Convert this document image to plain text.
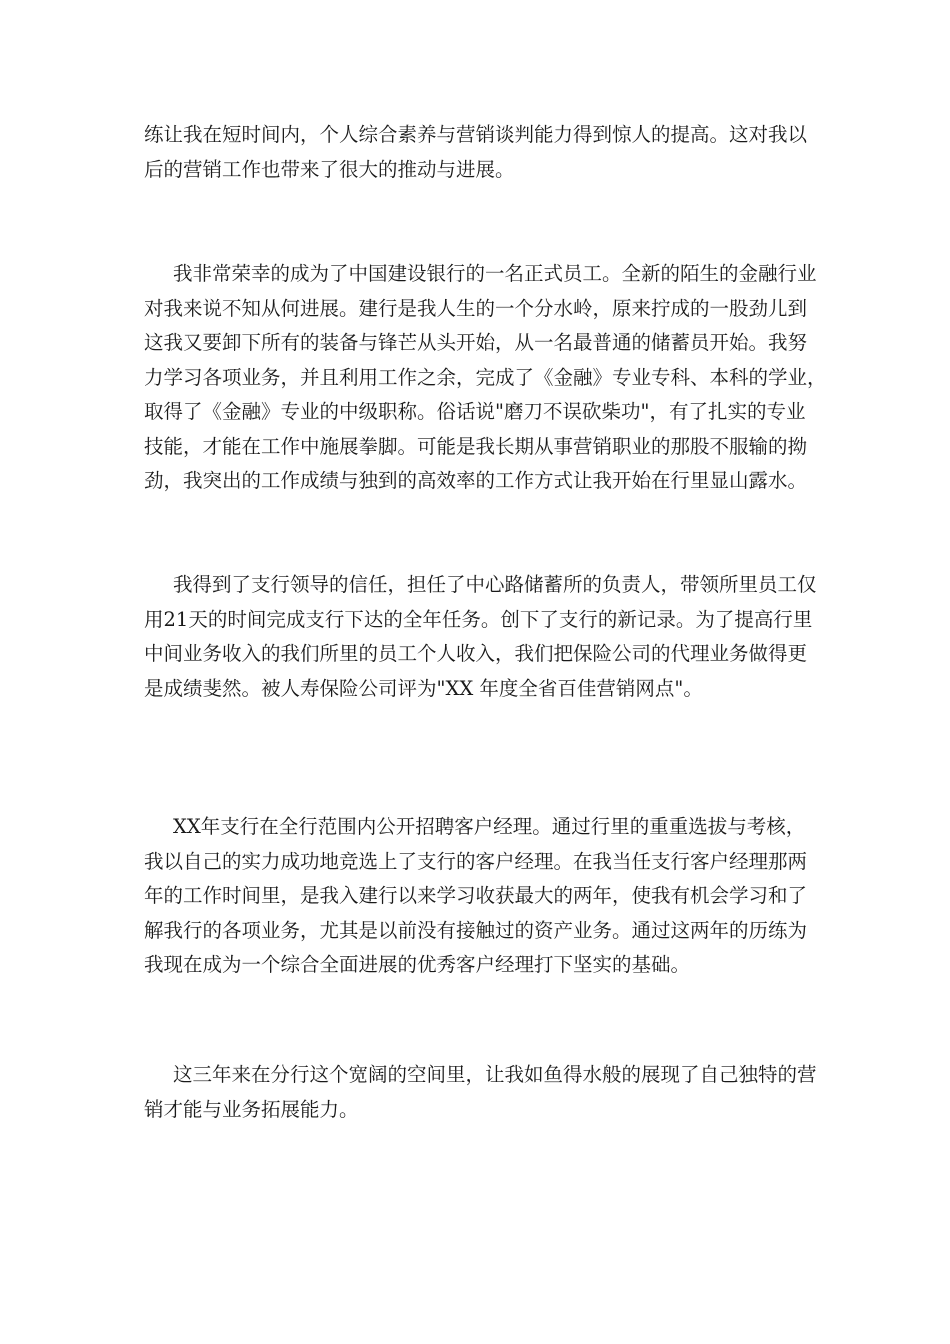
练让我在短时间内，个人综合素养与营销谈判能力得到惊人的提高。这对我以
后的营销工作也带来了很大的推动与进展。
我非常荣幸的成为了中国建设银行的一名正式员工。全新的陌生的金融行业
对我来说不知从何进展。建行是我人生的一个分水岭，原来拧成的一股劲儿到
这我又要卸下所有的装备与锋芒从头开始，从一名最普通的储蓄员开始。我努
力学习各项业务，并且利用工作之余，完成了《金融》专业专科、本科的学业，
取得了《金融》专业的中级职称。俗话说"磨刀不误砍柴功"，有了扎实的专业
技能，才能在工作中施展拳脚。可能是我长期从事营销职业的那股不服输的拗
劲，我突出的工作成绩与独到的高效率的工作方式让我开始在行里显山露水。
我得到了支行领导的信任，担任了中心路储蓄所的负责人，带领所里员工仅
用21天的时间完成支行下达的全年任务。创下了支行的新记录。为了提高行里
中间业务收入的我们所里的员工个人收入，我们把保险公司的代理业务做得更
是成绩斐然。被人寿保险公司评为"XX 年度全省百佳营销网点"。
XX年支行在全行范围内公开招聘客户经理。通过行里的重重选拔与考核，
我以自己的实力成功地竞选上了支行的客户经理。在我当任支行客户经理那两
年的工作时间里，是我入建行以来学习收获最大的两年，使我有机会学习和了
解我行的各项业务，尤其是以前没有接触过的资产业务。通过这两年的历练为
我现在成为一个综合全面进展的优秀客户经理打下坚实的基础。
这三年来在分行这个宽阔的空间里，让我如鱼得水般的展现了自己独特的营
销才能与业务拓展能力。
